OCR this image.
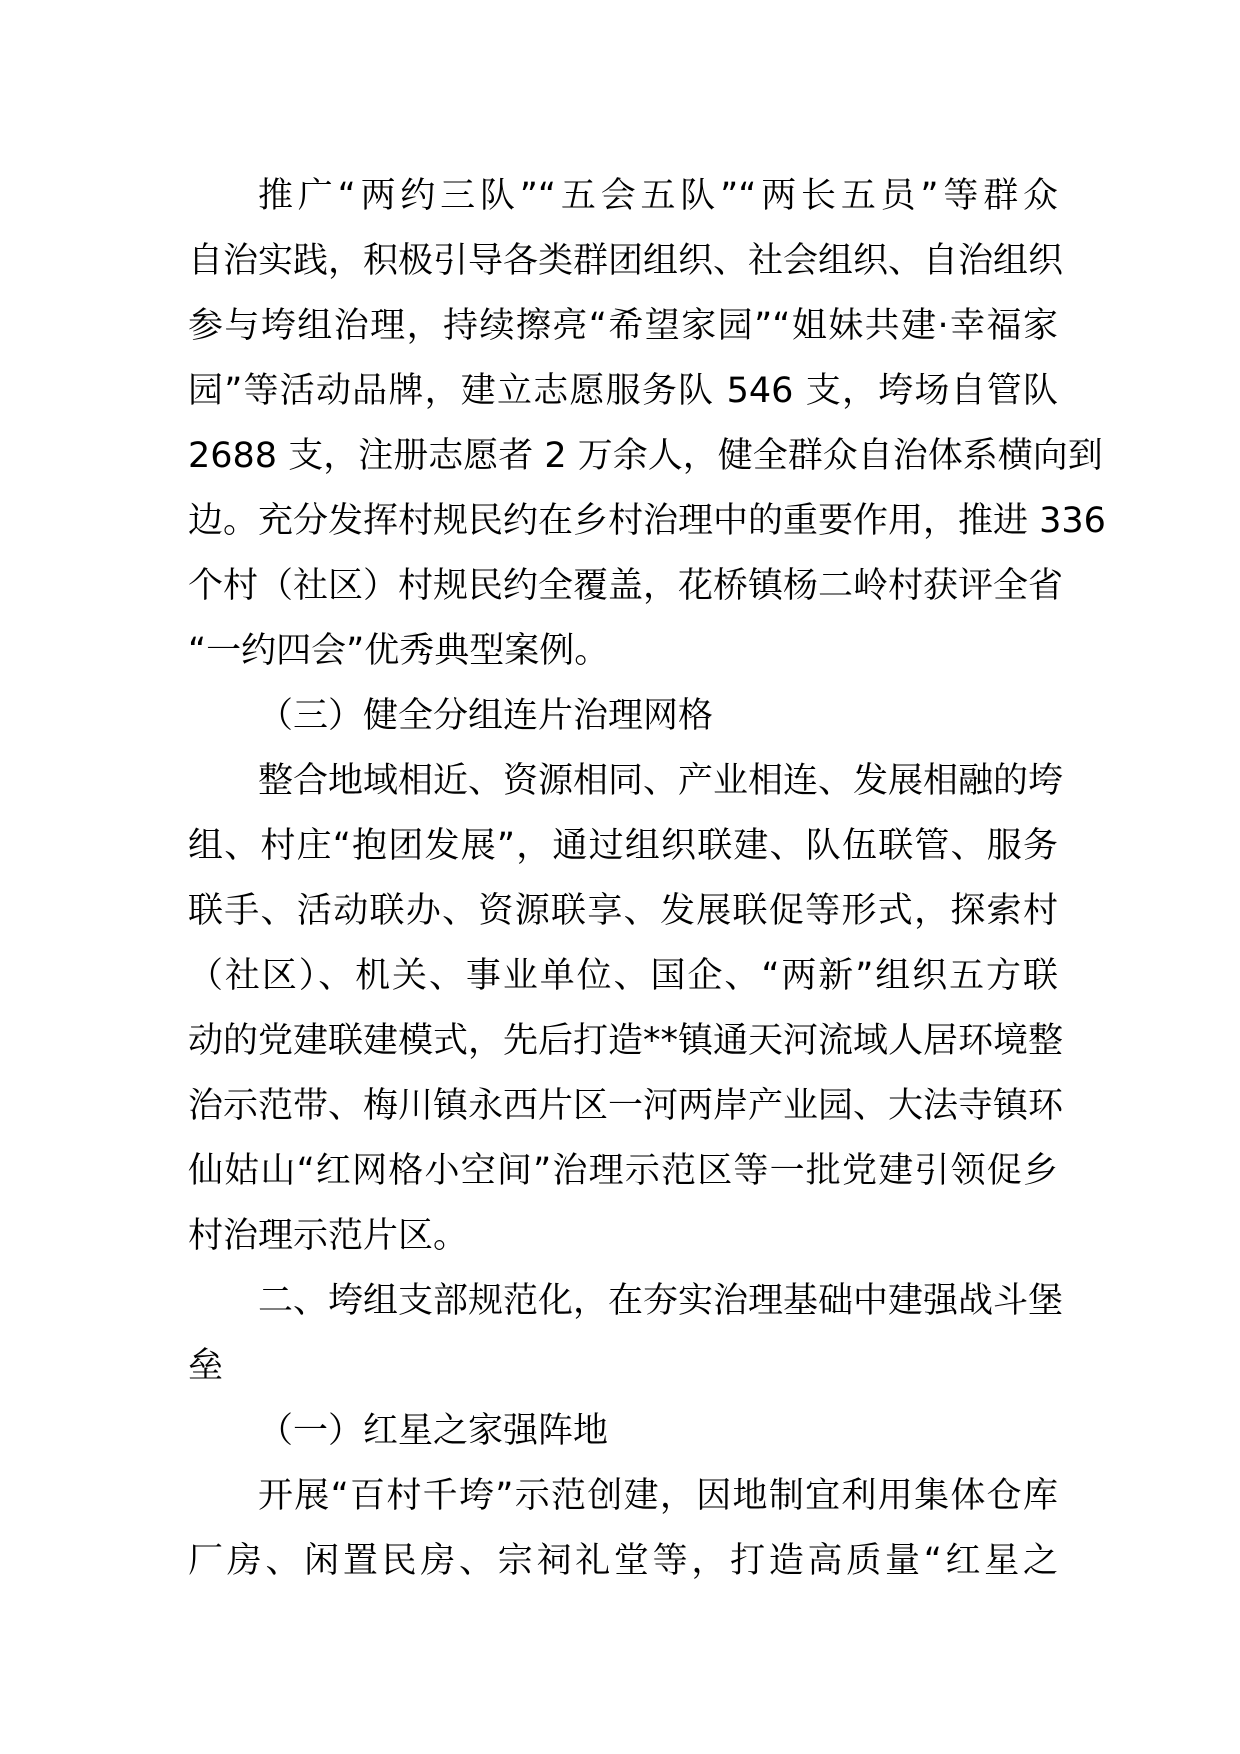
推广“两约三队”“五会五队”“两长五员”等群众
自治实践，积极引导各类群团组织、社会组织、自治组织
参与垮组治理，持续擦亮“希望家园”“姐妹共建·幸福家
园”等活动品牌，建立志愿服务队 546 支，垮场自管队
2688 支，注册志愿者 2 万余人，健全群众自治体系横向到
边。充分发挥村规民约在乡村治理中的重要作用，推进 336
个村（社区）村规民约全覆盖，花桥镇杨二岭村获评全省
“一约四会”优秀典型案例。
（三）健全分组连片治理网格
整合地域相近、资源相同、产业相连、发展相融的垮
组、村庄“抱团发展”，通过组织联建、队伍联管、服务
联手、活动联办、资源联享、发展联促等形式，探索村
（社区）、机关、事业单位、国企、“两新”组织五方联
动的党建联建模式，先后打造**镇通天河流域人居环境整
治示范带、梅川镇永西片区一河两岸产业园、大法寺镇环
仙姑山“红网格小空间”治理示范区等一批党建引领促乡
村治理示范片区。
二、垮组支部规范化，在夯实治理基础中建强战斗堡
垒
（一）红星之家强阵地
开展“百村千垮”示范创建，因地制宜利用集体仓库
厂房、闲置民房、宗祠礼堂等，打造高质量“红星之
